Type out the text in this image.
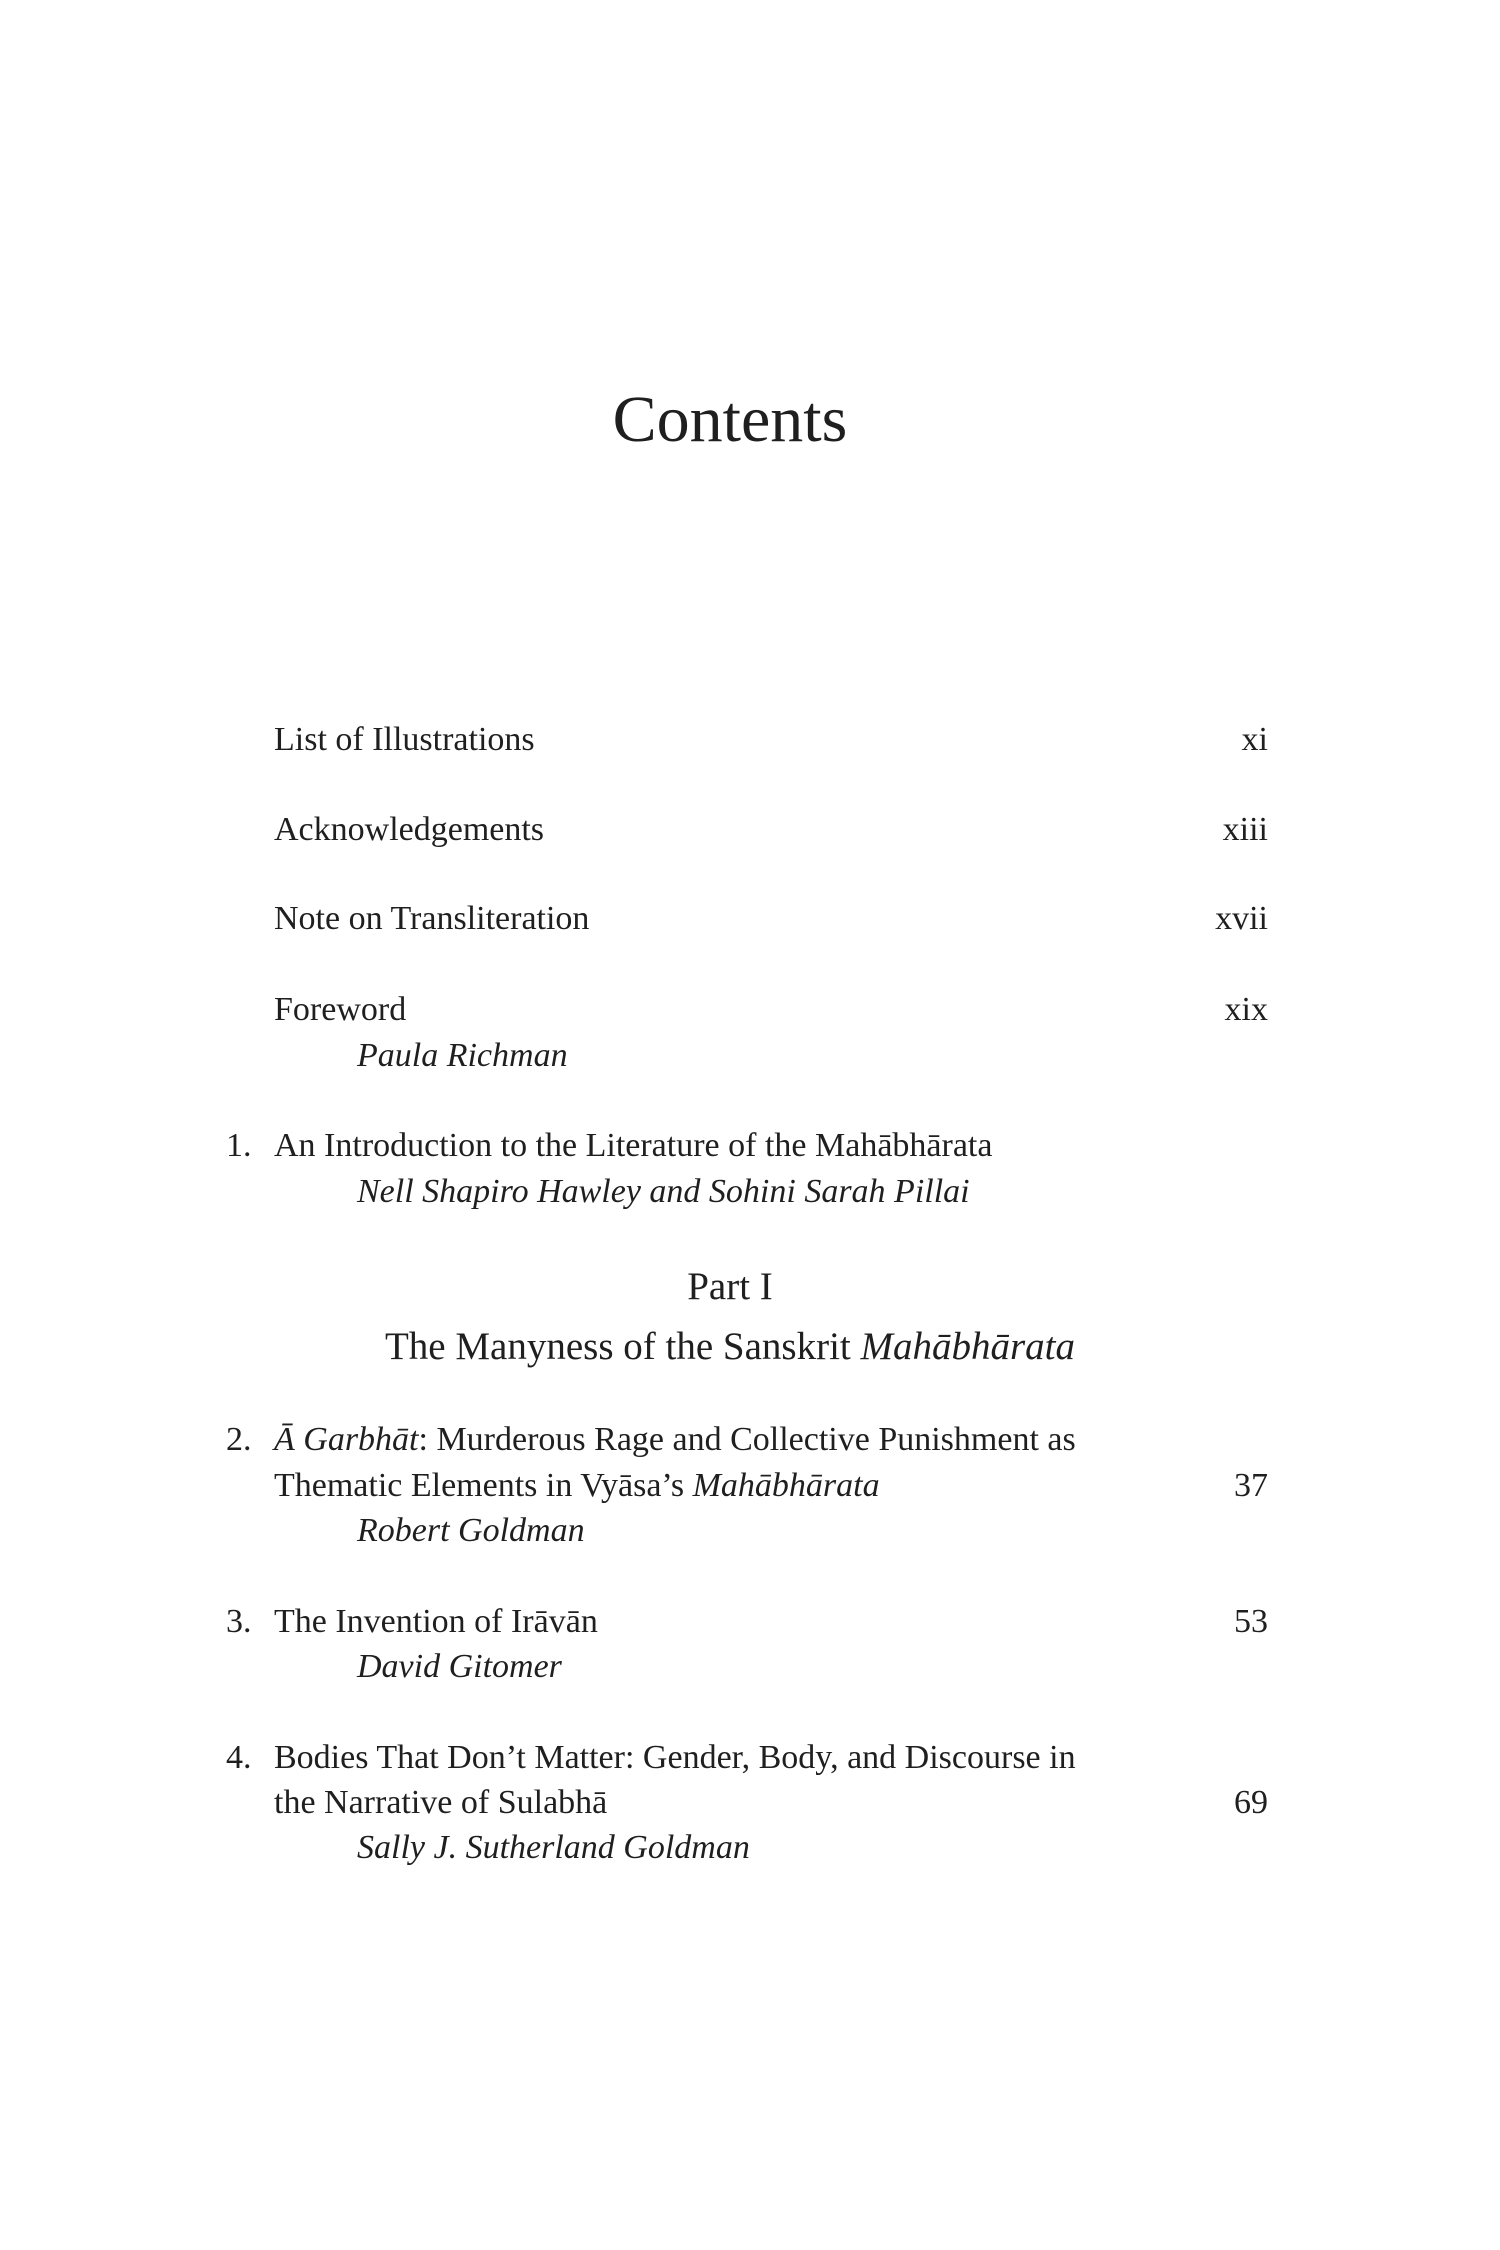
Contents
List of Illustrations	xi
Acknowledgements	xiii
Note on Transliteration	xvii
Foreword	xix
Paula Richman
1. An Introduction to the Literature of the Mahābhārata
Nell Shapiro Hawley and Sohini Sarah Pillai
Part I
The Manyness of the Sanskrit Mahābhārata
2. Ā Garbhāt: Murderous Rage and Collective Punishment as
Thematic Elements in Vyāsa’s Mahābhārata	37
Robert Goldman
3. The Invention of Irāvān	53
David Gitomer
4. Bodies That Don’t Matter: Gender, Body, and Discourse in
the Narrative of Sulabhā	69
Sally J. Sutherland Goldman
